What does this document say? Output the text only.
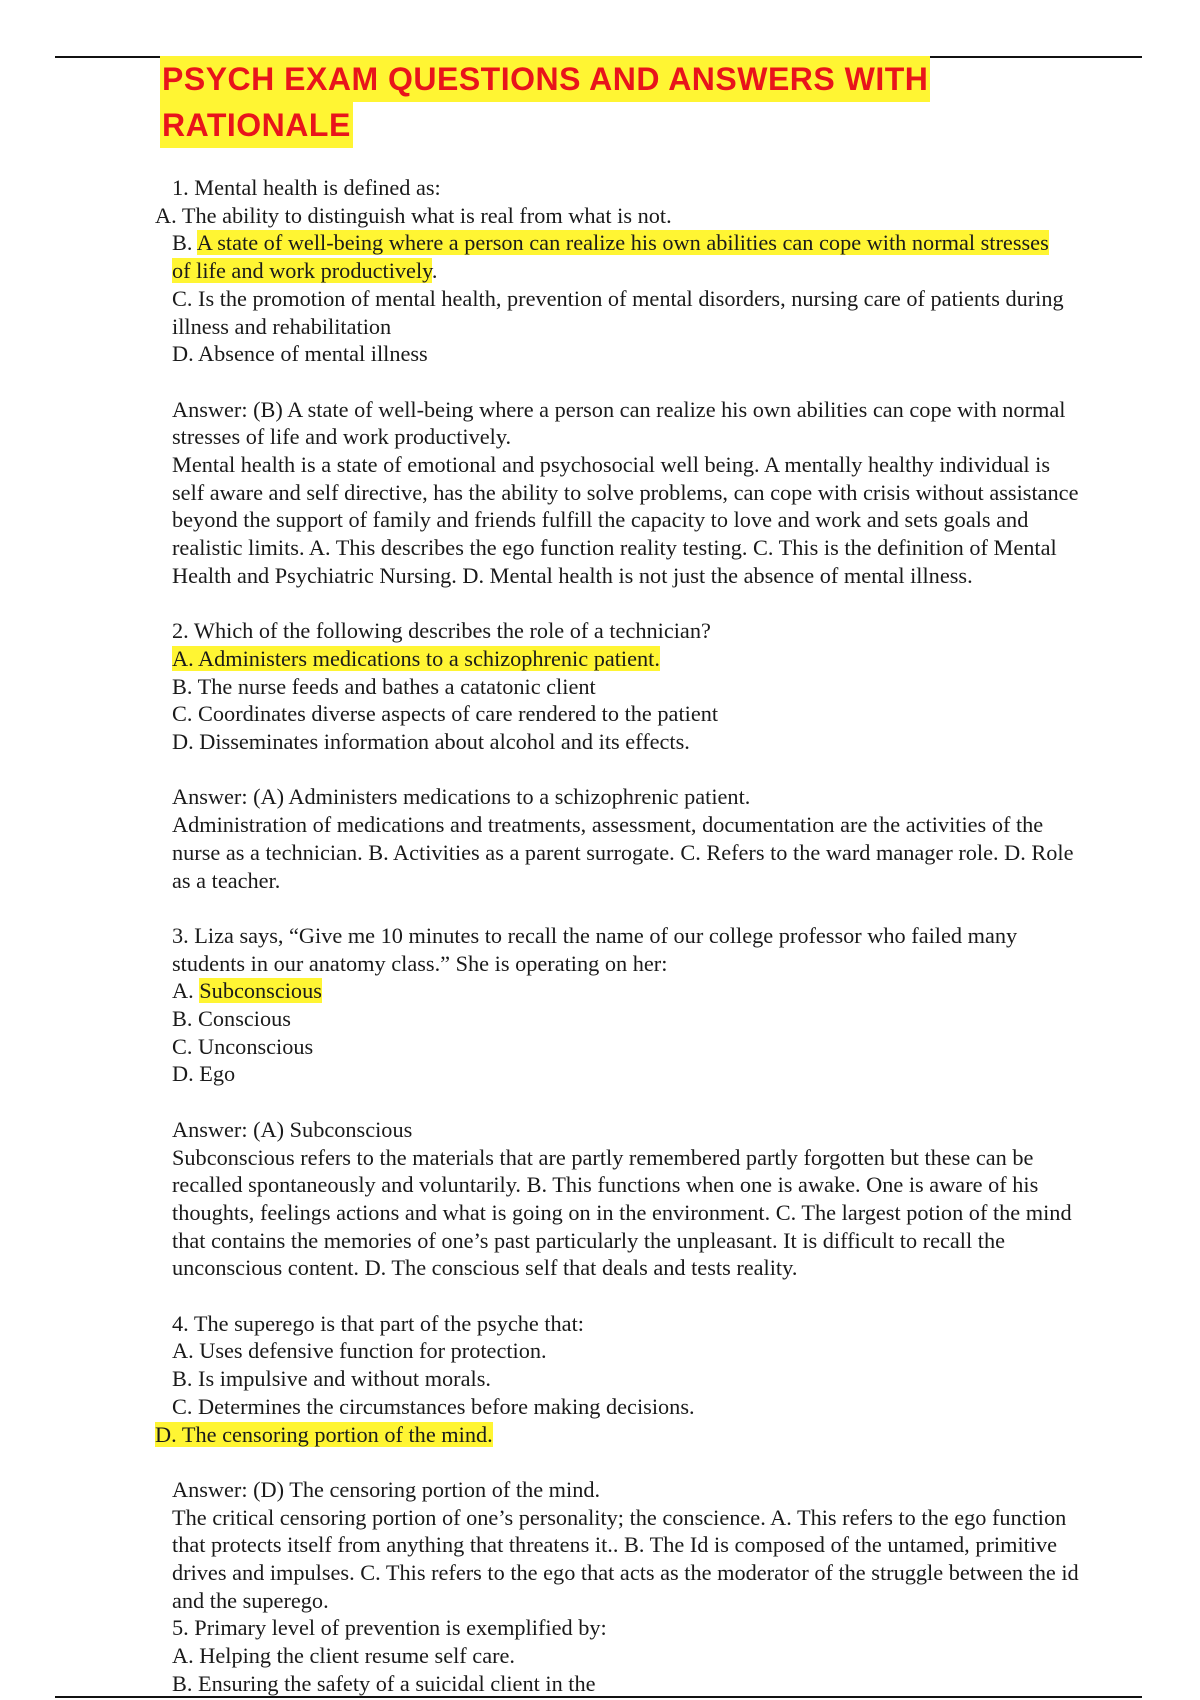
PSYCH EXAM QUESTIONS AND ANSWERS WITH
RATIONALE

1. Mental health is defined as:

A. The ability to distinguish what is real from what is not.

B. A state of well-being where a person can realize his own abilities can cope with normal stresses

of life and work productively.

C. Is the promotion of mental health, prevention of mental disorders, nursing care of patients during

illness and rehabilitation

D. Absence of mental illness

Answer: (B) A state of well-being where a person can realize his own abilities can cope with normal

stresses of life and work productively.

Mental health is a state of emotional and psychosocial well being. A mentally healthy individual is

self aware and self directive, has the ability to solve problems, can cope with crisis without assistance

beyond the support of family and friends fulfill the capacity to love and work and sets goals and

realistic limits. A. This describes the ego function reality testing. C. This is the definition of Mental

Health and Psychiatric Nursing. D. Mental health is not just the absence of mental illness.

2. Which of the following describes the role of a technician?

A. Administers medications to a schizophrenic patient.

B. The nurse feeds and bathes a catatonic client

C. Coordinates diverse aspects of care rendered to the patient

D. Disseminates information about alcohol and its effects.

Answer: (A) Administers medications to a schizophrenic patient.

Administration of medications and treatments, assessment, documentation are the activities of the

nurse as a technician. B. Activities as a parent surrogate. C. Refers to the ward manager role. D. Role

as a teacher.

3. Liza says, “Give me 10 minutes to recall the name of our college professor who failed many

students in our anatomy class.” She is operating on her:

A. Subconscious

B. Conscious

C. Unconscious

D. Ego

Answer: (A) Subconscious

Subconscious refers to the materials that are partly remembered partly forgotten but these can be

recalled spontaneously and voluntarily. B. This functions when one is awake. One is aware of his

thoughts, feelings actions and what is going on in the environment. C. The largest potion of the mind

that contains the memories of one’s past particularly the unpleasant. It is difficult to recall the

unconscious content. D. The conscious self that deals and tests reality.

4. The superego is that part of the psyche that:

A. Uses defensive function for protection.

B. Is impulsive and without morals.

C. Determines the circumstances before making decisions.

D. The censoring portion of the mind.

Answer: (D) The censoring portion of the mind.

The critical censoring portion of one’s personality; the conscience. A. This refers to the ego function

that protects itself from anything that threatens it.. B. The Id is composed of the untamed, primitive

drives and impulses. C. This refers to the ego that acts as the moderator of the struggle between the id

and the superego.

5. Primary level of prevention is exemplified by:

A. Helping the client resume self care.

B. Ensuring the safety of a suicidal client in the
